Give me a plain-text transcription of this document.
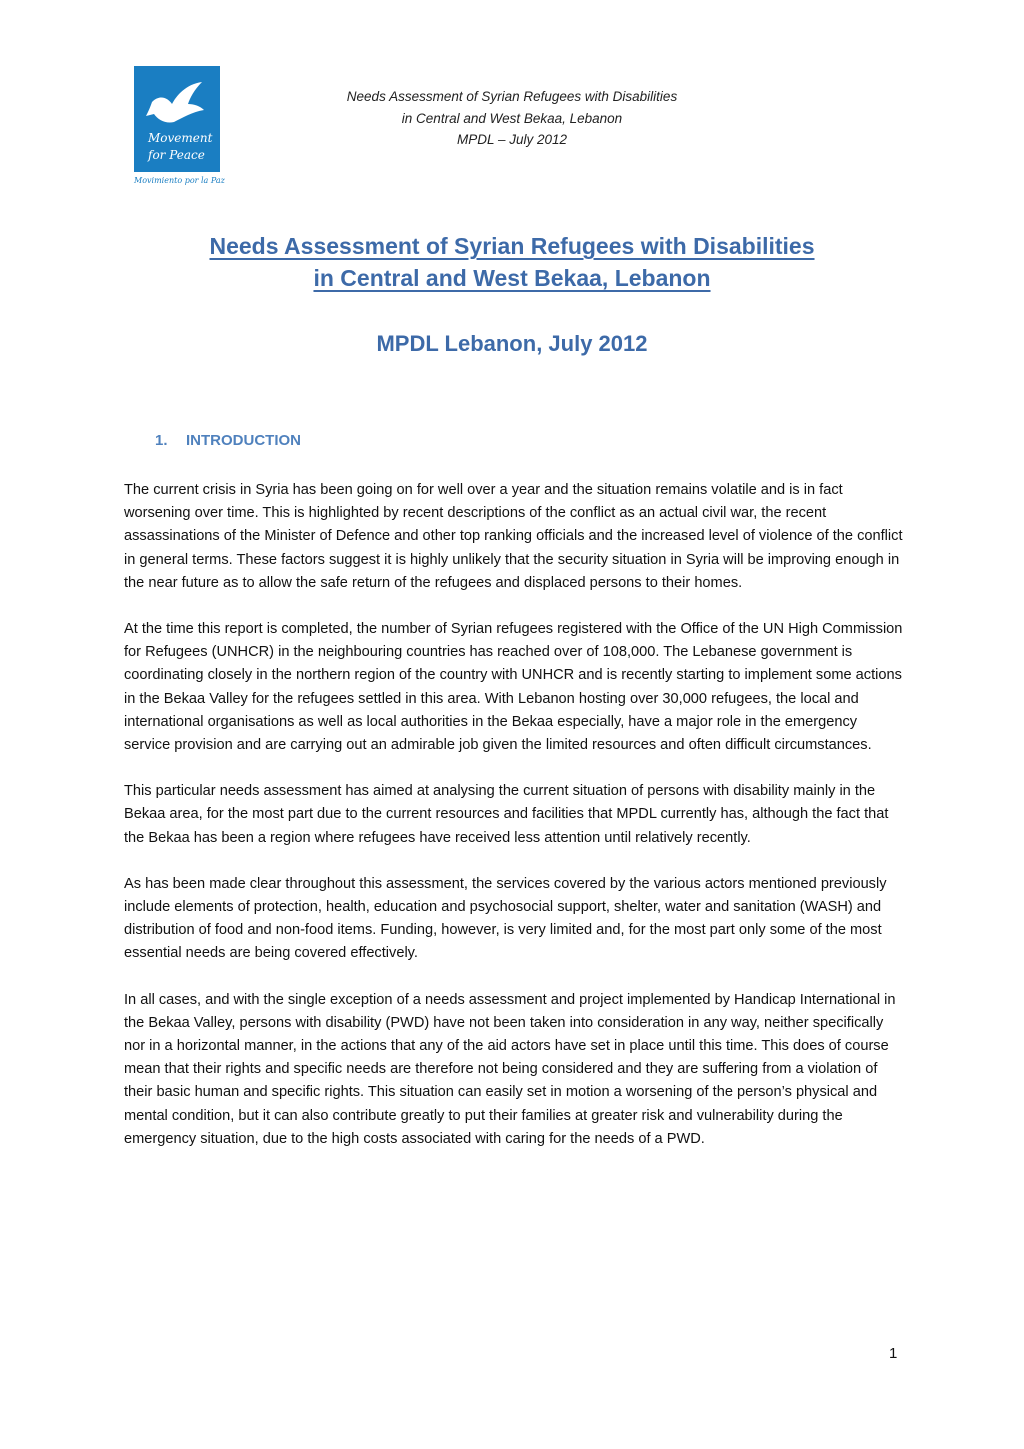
Movement
for Peace
Movimiento por la Paz
Needs Assessment of Syrian Refugees with Disabilities
in Central and West Bekaa, Lebanon
MPDL – July 2012
Needs Assessment of Syrian Refugees with Disabilities
in Central and West Bekaa, Lebanon
MPDL Lebanon, July 2012
1. INTRODUCTION

The current crisis in Syria has been going on for well over a year and the situation remains volatile and is in fact worsening over time. This is highlighted by recent descriptions of the conflict as an actual civil war, the recent assassinations of the Minister of Defence and other top ranking officials and the increased level of violence of the conflict in general terms. These factors suggest it is highly unlikely that the security situation in Syria will be improving enough in the near future as to allow the safe return of the refugees and displaced persons to their homes.

At the time this report is completed, the number of Syrian refugees registered with the Office of the UN High Commission for Refugees (UNHCR) in the neighbouring countries has reached over of 108,000. The Lebanese government is coordinating closely in the northern region of the country with UNHCR and is recently starting to implement some actions in the Bekaa Valley for the refugees settled in this area. With Lebanon hosting over 30,000 refugees, the local and international organisations as well as local authorities in the Bekaa especially, have a major role in the emergency service provision and are carrying out an admirable job given the limited resources and often difficult circumstances.

This particular needs assessment has aimed at analysing the current situation of persons with disability mainly in the Bekaa area, for the most part due to the current resources and facilities that MPDL currently has, although the fact that the Bekaa has been a region where refugees have received less attention until relatively recently.

As has been made clear throughout this assessment, the services covered by the various actors mentioned previously include elements of protection, health, education and psychosocial support, shelter, water and sanitation (WASH) and distribution of food and non-food items. Funding, however, is very limited and, for the most part only some of the most essential needs are being covered effectively.

In all cases, and with the single exception of a needs assessment and project implemented by Handicap International in the Bekaa Valley, persons with disability (PWD) have not been taken into consideration in any way, neither specifically nor in a horizontal manner, in the actions that any of the aid actors have set in place until this time. This does of course mean that their rights and specific needs are therefore not being considered and they are suffering from a violation of their basic human and specific rights. This situation can easily set in motion a worsening of the person’s physical and mental condition, but it can also contribute greatly to put their families at greater risk and vulnerability during the emergency situation, due to the high costs associated with caring for the needs of a PWD.

1
